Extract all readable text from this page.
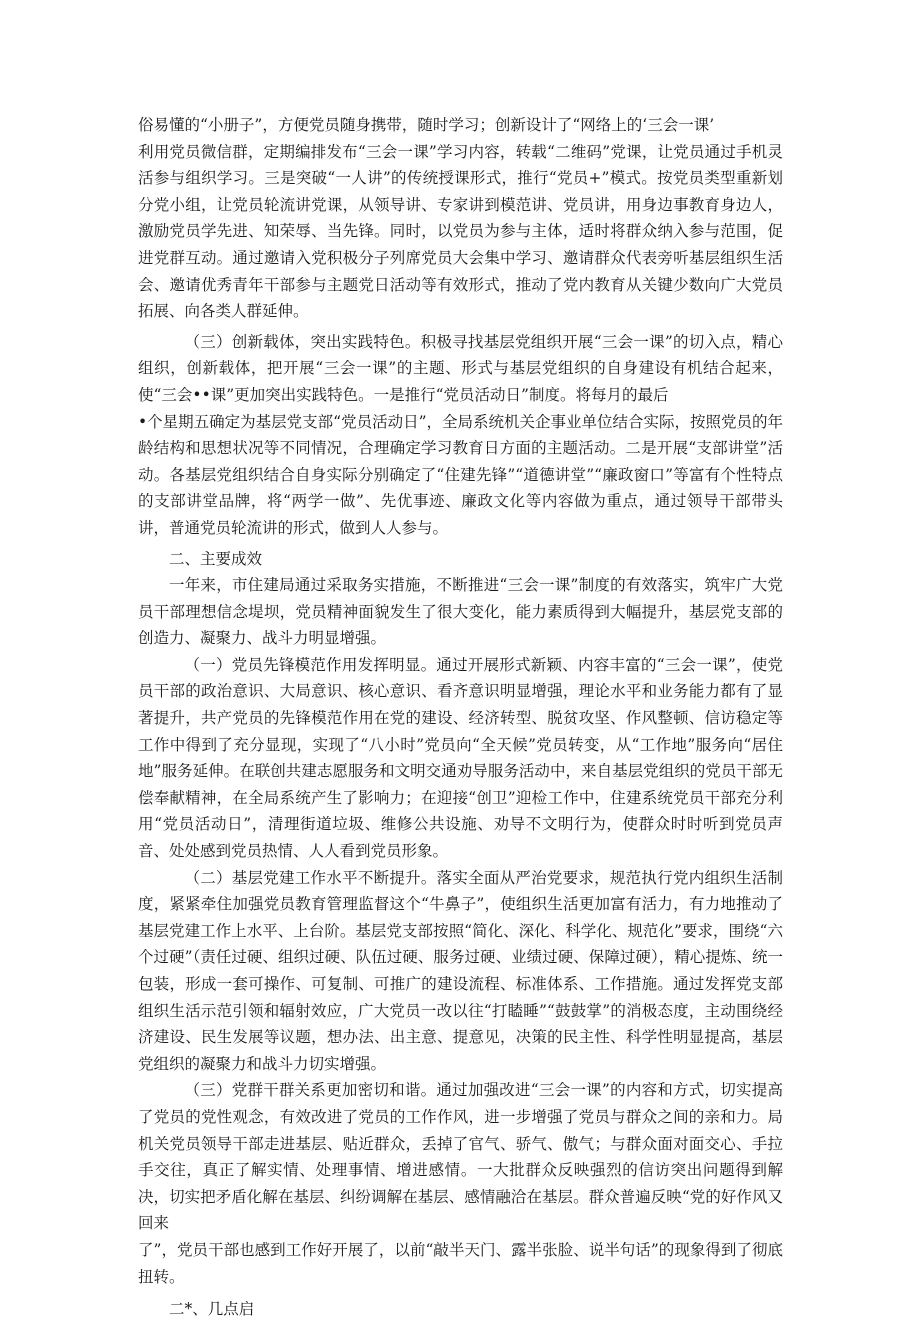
俗易懂的“小册子”，方便党员随身携带，随时学习；创新设计了“网络上的‘三会一课’
利用党员微信群，定期编排发布“三会一课”学习内容，转载“二维码”党课，让党员通过手机灵活参与组织学习。三是突破“一人讲”的传统授课形式，推行“党员+”模式。按党员类型重新划分党小组，让党员轮流讲党课，从领导讲、专家讲到模范讲、党员讲，用身边事教育身边人，激励党员学先进、知荣辱、当先锋。同时，以党员为参与主体，适时将群众纳入参与范围，促进党群互动。通过邀请入党积极分子列席党员大会集中学习、邀请群众代表旁听基层组织生活会、邀请优秀青年干部参与主题党日活动等有效形式，推动了党内教育从关键少数向广大党员拓展、向各类人群延伸。

（三）创新载体，突出实践特色。积极寻找基层党组织开展“三会一课”的切入点，精心组织，创新载体，把开展“三会一课”的主题、形式与基层党组织的自身建设有机结合起来，使“三会••课”更加突出实践特色。一是推行“党员活动日”制度。将每月的最后

•个星期五确定为基层党支部“党员活动日”，全局系统机关企事业单位结合实际，按照党员的年龄结构和思想状况等不同情况，合理确定学习教育日方面的主题活动。二是开展“支部讲堂”活动。各基层党组织结合自身实际分别确定了“住建先锋”“道德讲堂”“廉政窗口”等富有个性特点的支部讲堂品牌，将“两学一做”、先优事迹、廉政文化等内容做为重点，通过领导干部带头讲，普通党员轮流讲的形式，做到人人参与。

二、主要成效

一年来，市住建局通过采取务实措施，不断推进“三会一课”制度的有效落实，筑牢广大党员干部理想信念堤坝，党员精神面貌发生了很大变化，能力素质得到大幅提升，基层党支部的创造力、凝聚力、战斗力明显增强。

（一）党员先锋模范作用发挥明显。通过开展形式新颖、内容丰富的“三会一课”，使党员干部的政治意识、大局意识、核心意识、看齐意识明显增强，理论水平和业务能力都有了显著提升，共产党员的先锋模范作用在党的建设、经济转型、脱贫攻坚、作风整顿、信访稳定等工作中得到了充分显现，实现了“八小时”党员向“全天候”党员转变，从“工作地”服务向“居住地”服务延伸。在联创共建志愿服务和文明交通劝导服务活动中，来自基层党组织的党员干部无偿奉献精神，在全局系统产生了影响力；在迎接“创卫”迎检工作中，住建系统党员干部充分利用“党员活动日”，清理街道垃圾、维修公共设施、劝导不文明行为，使群众时时听到党员声音、处处感到党员热情、人人看到党员形象。

（二）基层党建工作水平不断提升。落实全面从严治党要求，规范执行党内组织生活制度，紧紧牵住加强党员教育管理监督这个“牛鼻子”，使组织生活更加富有活力，有力地推动了基层党建工作上水平、上台阶。基层党支部按照“简化、深化、科学化、规范化”要求，围绕“六个过硬”（责任过硬、组织过硬、队伍过硬、服务过硬、业绩过硬、保障过硬），精心提炼、统一包装，形成一套可操作、可复制、可推广的建设流程、标准体系、工作措施。通过发挥党支部组织生活示范引领和辐射效应，广大党员一改以往“打瞌睡”“鼓鼓掌”的消极态度，主动围绕经济建设、民生发展等议题，想办法、出主意、提意见，决策的民主性、科学性明显提高，基层党组织的凝聚力和战斗力切实增强。

（三）党群干群关系更加密切和谐。通过加强改进“三会一课”的内容和方式，切实提高了党员的党性观念，有效改进了党员的工作作风，进一步增强了党员与群众之间的亲和力。局机关党员领导干部走进基层、贴近群众，丢掉了官气、骄气、傲气；与群众面对面交心、手拉手交往，真正了解实情、处理事情、增进感情。一大批群众反映强烈的信访突出问题得到解决，切实把矛盾化解在基层、纠纷调解在基层、感情融洽在基层。群众普遍反映“党的好作风又回来

了”，党员干部也感到工作好开展了，以前“敲半天门、露半张脸、说半句话”的现象得到了彻底扭转。

二*、几点启
